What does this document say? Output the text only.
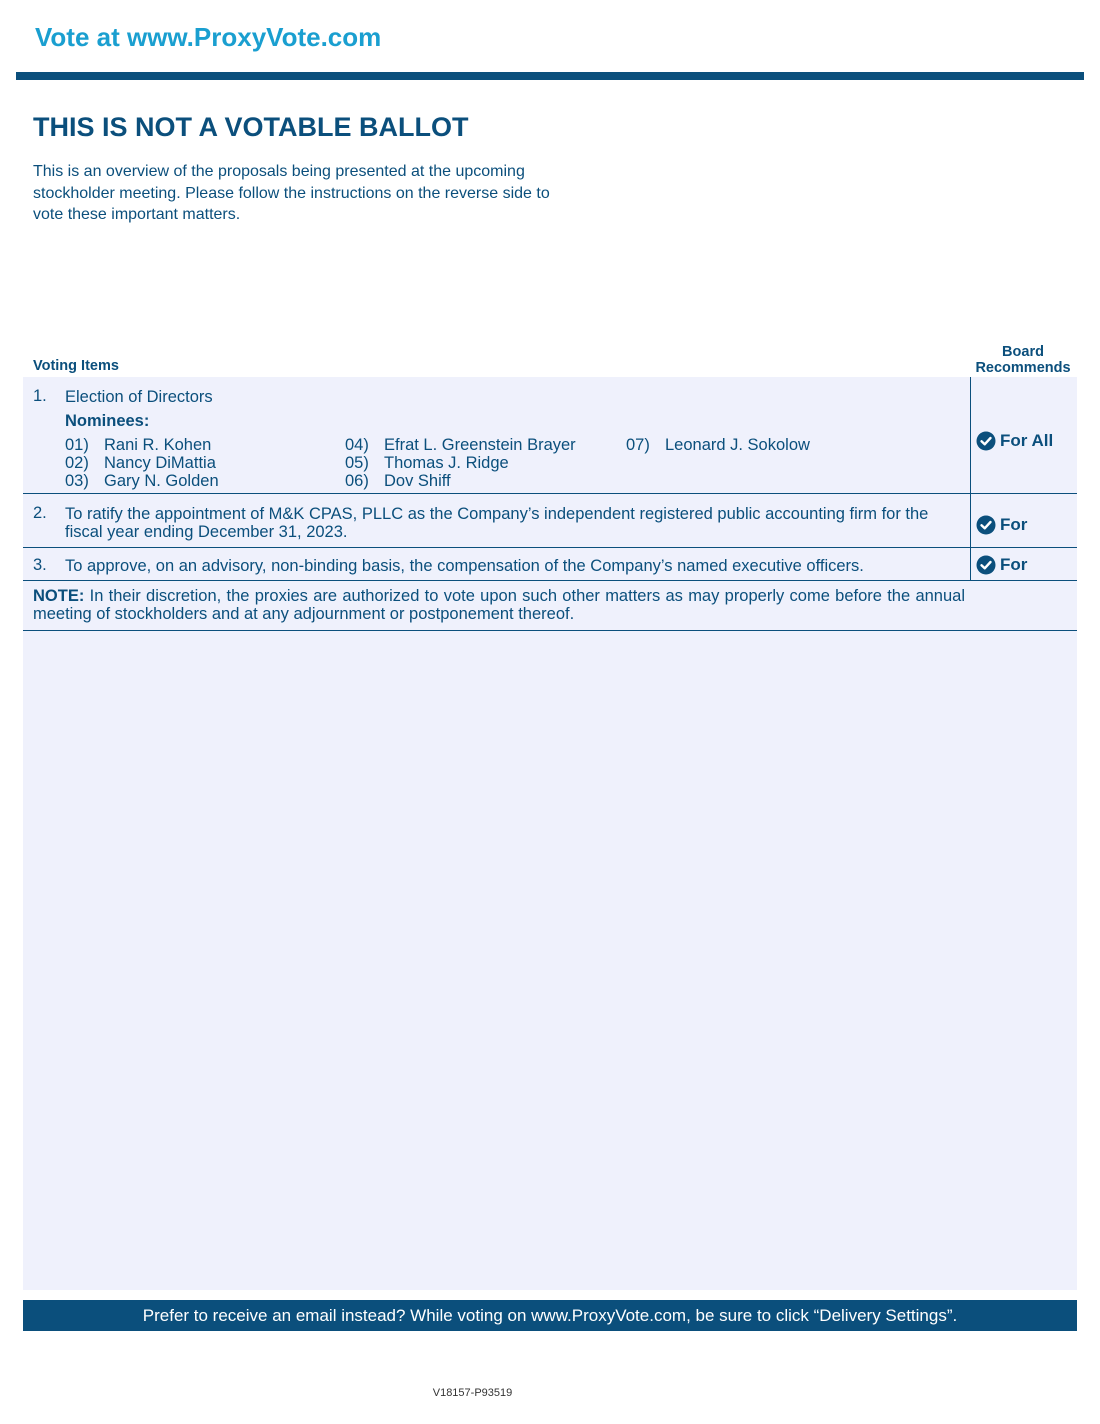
Vote at www.ProxyVote.com
THIS IS NOT A VOTABLE BALLOT
This is an overview of the proposals being presented at the upcoming stockholder meeting. Please follow the instructions on the reverse side to vote these important matters.
Voting Items
Board Recommends
1. Election of Directors
Nominees:
01) Rani R. Kohen
02) Nancy DiMattia
03) Gary N. Golden
04) Efrat L. Greenstein Brayer
05) Thomas J. Ridge
06) Dov Shiff
07) Leonard J. Sokolow	For All
2. To ratify the appointment of M&K CPAS, PLLC as the Company’s independent registered public accounting firm for the fiscal year ending December 31, 2023.	For
3. To approve, on an advisory, non-binding basis, the compensation of the Company’s named executive officers.	For
NOTE: In their discretion, the proxies are authorized to vote upon such other matters as may properly come before the annual meeting of stockholders and at any adjournment or postponement thereof.
Prefer to receive an email instead? While voting on www.ProxyVote.com, be sure to click “Delivery Settings”.
V18157-P93519
